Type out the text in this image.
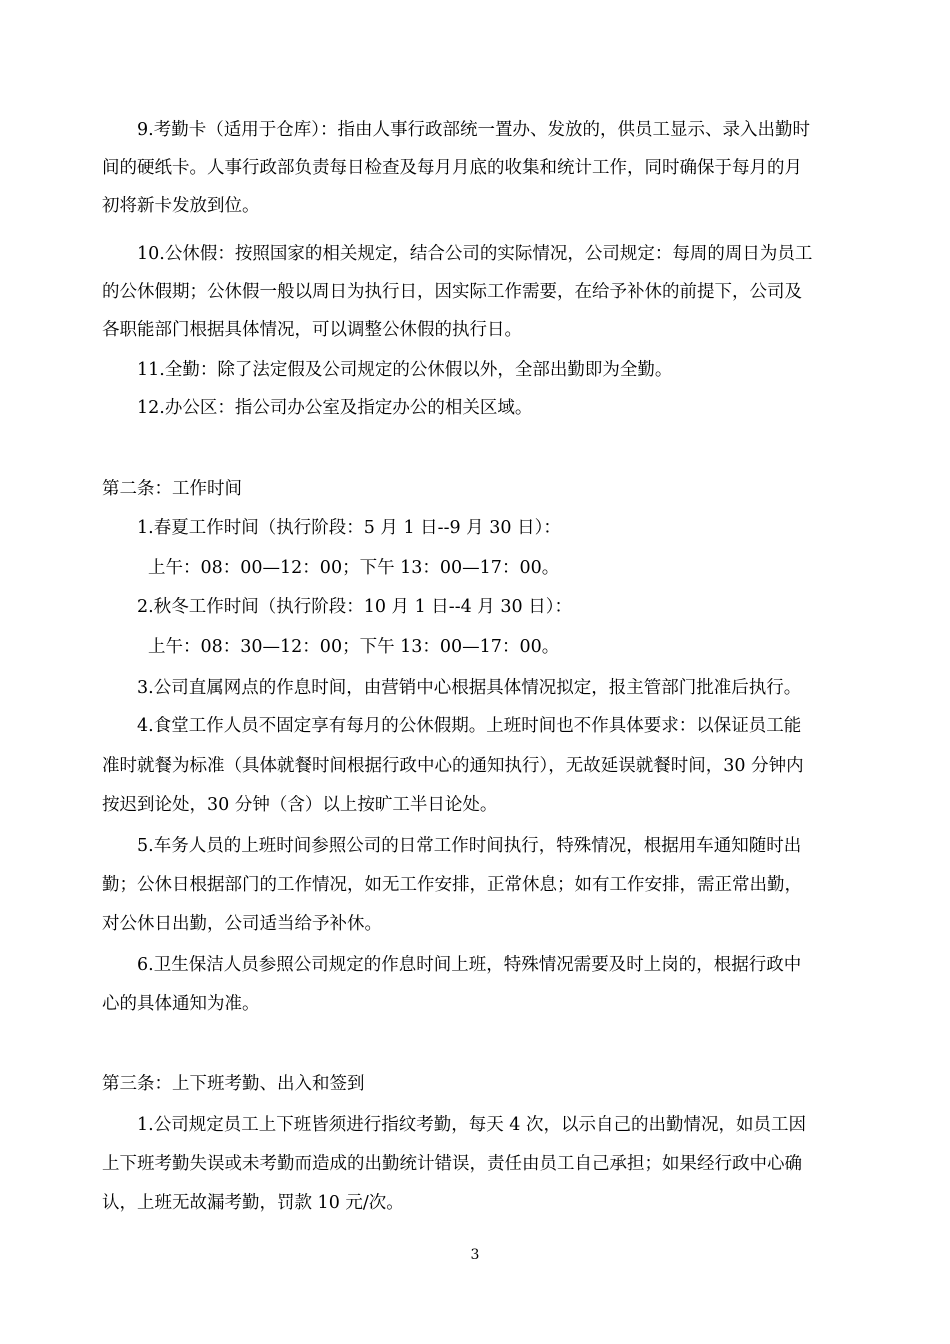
9.考勤卡（适用于仓库）：指由人事行政部统一置办、发放的，供员工显示、录入出勤时
间的硬纸卡。人事行政部负责每日检查及每月月底的收集和统计工作，同时确保于每月的月
初将新卡发放到位。
10.公休假：按照国家的相关规定，结合公司的实际情况，公司规定：每周的周日为员工
的公休假期；公休假一般以周日为执行日，因实际工作需要，在给予补休的前提下，公司及
各职能部门根据具体情况，可以调整公休假的执行日。
11.全勤：除了法定假及公司规定的公休假以外，全部出勤即为全勤。
12.办公区：指公司办公室及指定办公的相关区域。
第二条：工作时间
1.春夏工作时间（执行阶段：5 月 1 日--9 月 30 日）：
上午：08：00—12：00；下午 13：00—17：00。
2.秋冬工作时间（执行阶段：10 月 1 日--4 月 30 日）：
上午：08：30—12：00；下午 13：00—17：00。
3.公司直属网点的作息时间，由营销中心根据具体情况拟定，报主管部门批准后执行。
4.食堂工作人员不固定享有每月的公休假期。上班时间也不作具体要求：以保证员工能
准时就餐为标准（具体就餐时间根据行政中心的通知执行），无故延误就餐时间，30 分钟内
按迟到论处，30 分钟（含）以上按旷工半日论处。
5.车务人员的上班时间参照公司的日常工作时间执行，特殊情况，根据用车通知随时出
勤；公休日根据部门的工作情况，如无工作安排，正常休息；如有工作安排，需正常出勤，
对公休日出勤，公司适当给予补休。
6.卫生保洁人员参照公司规定的作息时间上班，特殊情况需要及时上岗的，根据行政中
心的具体通知为准。
第三条：上下班考勤、出入和签到
1.公司规定员工上下班皆须进行指纹考勤，每天 4 次，以示自己的出勤情况，如员工因
上下班考勤失误或未考勤而造成的出勤统计错误，责任由员工自己承担；如果经行政中心确
认，上班无故漏考勤，罚款 10 元/次。
3
